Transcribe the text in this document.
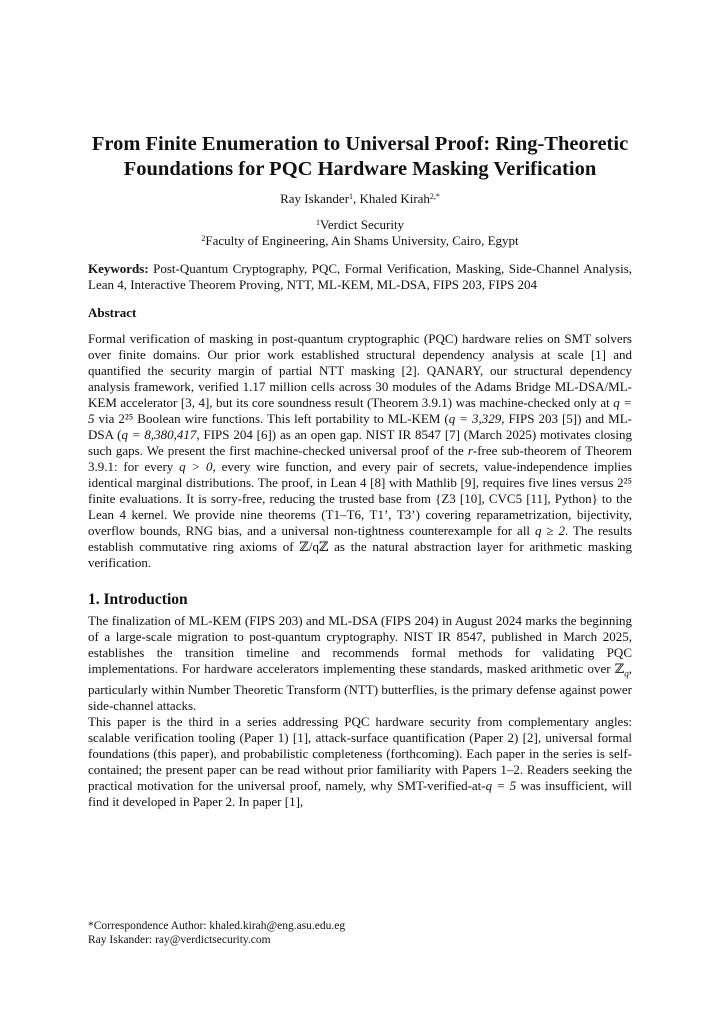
From Finite Enumeration to Universal Proof: Ring-Theoretic Foundations for PQC Hardware Masking Verification
Ray Iskander$^1$, Khaled Kirah$^{2,*}$
$^1$Verdict Security
$^2$Faculty of Engineering, Ain Shams University, Cairo, Egypt
Keywords: Post-Quantum Cryptography, PQC, Formal Verification, Masking, Side-Channel Analysis, Lean 4, Interactive Theorem Proving, NTT, ML-KEM, ML-DSA, FIPS 203, FIPS 204
Abstract
Formal verification of masking in post-quantum cryptographic (PQC) hardware relies on SMT solvers over finite domains. Our prior work established structural dependency analysis at scale [1] and quantified the security margin of partial NTT masking [2]. QANARY, our structural dependency analysis framework, verified 1.17 million cells across 30 modules of the Adams Bridge ML-DSA/ML-KEM accelerator [3, 4], but its core soundness result (Theorem 3.9.1) was machine-checked only at q = 5 via 2²⁵ Boolean wire functions. This left portability to ML-KEM (q = 3,329, FIPS 203 [5]) and ML-DSA (q = 8,380,417, FIPS 204 [6]) as an open gap. NIST IR 8547 [7] (March 2025) motivates closing such gaps. We present the first machine-checked universal proof of the r-free sub-theorem of Theorem 3.9.1: for every q > 0, every wire function, and every pair of secrets, value-independence implies identical marginal distributions. The proof, in Lean 4 [8] with Mathlib [9], requires five lines versus 2²⁵ finite evaluations. It is sorry-free, reducing the trusted base from {Z3 [10], CVC5 [11], Python} to the Lean 4 kernel. We provide nine theorems (T1–T6, T1’, T3’) covering reparametrization, bijectivity, overflow bounds, RNG bias, and a universal non-tightness counterexample for all q ≥ 2. The results establish commutative ring axioms of ℤ/qℤ as the natural abstraction layer for arithmetic masking verification.
1. Introduction
The finalization of ML-KEM (FIPS 203) and ML-DSA (FIPS 204) in August 2024 marks the beginning of a large-scale migration to post-quantum cryptography. NIST IR 8547, published in March 2025, establishes the transition timeline and recommends formal methods for validating PQC implementations. For hardware accelerators implementing these standards, masked arithmetic over ℤ$_q$, particularly within Number Theoretic Transform (NTT) butterflies, is the primary defense against power side-channel attacks.
This paper is the third in a series addressing PQC hardware security from complementary angles: scalable verification tooling (Paper 1) [1], attack-surface quantification (Paper 2) [2], universal formal foundations (this paper), and probabilistic completeness (forthcoming). Each paper in the series is self-contained; the present paper can be read without prior familiarity with Papers 1–2. Readers seeking the practical motivation for the universal proof, namely, why SMT-verified-at-q = 5 was insufficient, will find it developed in Paper 2. In paper [1],
*Correspondence Author: khaled.kirah@eng.asu.edu.eg
Ray Iskander: ray@verdictsecurity.com
